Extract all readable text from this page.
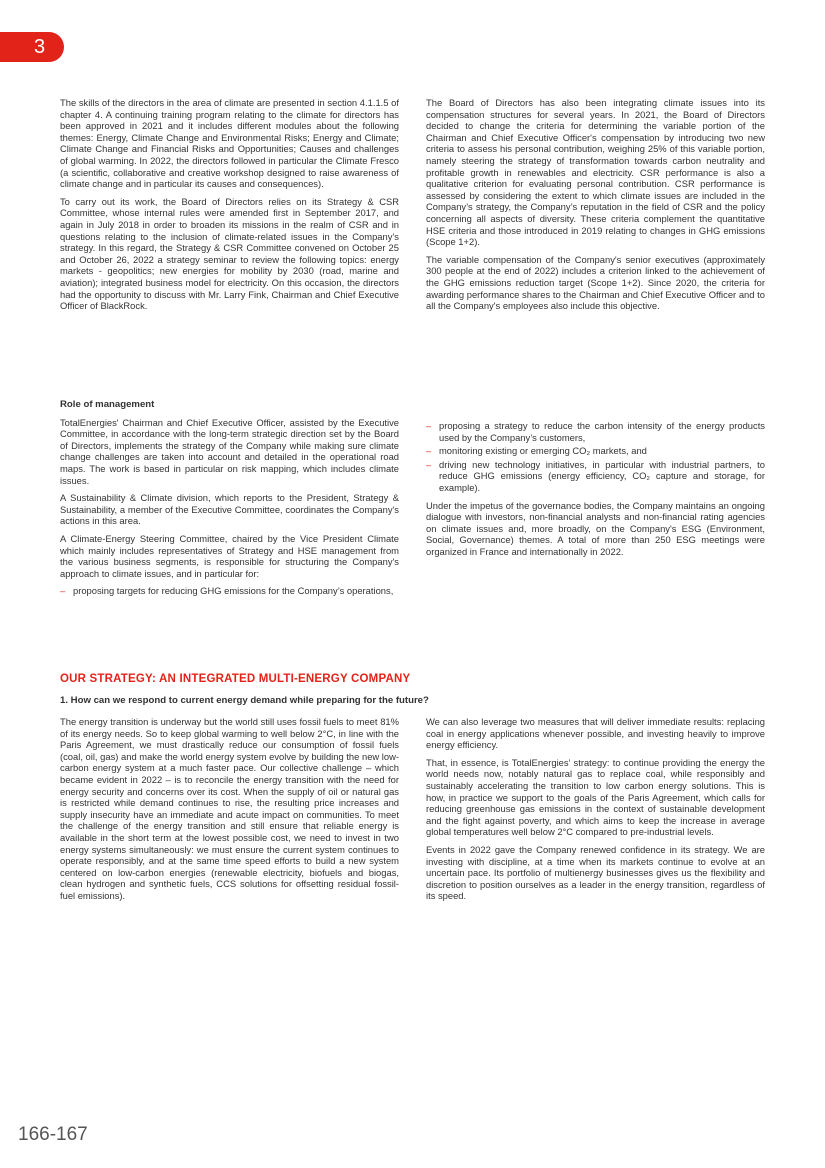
3

The skills of the directors in the area of climate are presented in section 4.1.1.5 of chapter 4. A continuing training program relating to the climate for directors has been approved in 2021 and it includes different modules about the following themes: Energy, Climate Change and Environmental Risks; Energy and Climate; Climate Change and Financial Risks and Opportunities; Causes and challenges of global warming. In 2022, the directors followed in particular the Climate Fresco (a scientific, collaborative and creative workshop designed to raise awareness of climate change and in particular its causes and consequences).

To carry out its work, the Board of Directors relies on its Strategy & CSR Committee, whose internal rules were amended first in September 2017, and again in July 2018 in order to broaden its missions in the realm of CSR and in questions relating to the inclusion of climate-related issues in the Company’s strategy. In this regard, the Strategy & CSR Committee convened on October 25 and October 26, 2022 a strategy seminar to review the following topics: energy markets - geopolitics; new energies for mobility by 2030 (road, marine and aviation); integrated business model for electricity. On this occasion, the directors had the opportunity to discuss with Mr. Larry Fink, Chairman and Chief Executive Officer of BlackRock.

The Board of Directors has also been integrating climate issues into its compensation structures for several years. In 2021, the Board of Directors decided to change the criteria for determining the variable portion of the Chairman and Chief Executive Officer's compensation by introducing two new criteria to assess his personal contribution, weighing 25% of this variable portion, namely steering the strategy of transformation towards carbon neutrality and profitable growth in renewables and electricity. CSR performance is also a qualitative criterion for evaluating personal contribution. CSR performance is assessed by considering the extent to which climate issues are included in the Company’s strategy, the Company’s reputation in the field of CSR and the policy concerning all aspects of diversity. These criteria complement the quantitative HSE criteria and those introduced in 2019 relating to changes in GHG emissions (Scope 1+2).

The variable compensation of the Company's senior executives (approximately 300 people at the end of 2022) includes a criterion linked to the achievement of the GHG emissions reduction target (Scope 1+2). Since 2020, the criteria for awarding performance shares to the Chairman and Chief Executive Officer and to all the Company's employees also include this objective.

Role of management

TotalEnergies' Chairman and Chief Executive Officer, assisted by the Executive Committee, in accordance with the long-term strategic direction set by the Board of Directors, implements the strategy of the Company while making sure climate change challenges are taken into account and detailed in the operational road maps. The work is based in particular on risk mapping, which includes climate issues.

A Sustainability & Climate division, which reports to the President, Strategy & Sustainability, a member of the Executive Committee, coordinates the Company's actions in this area.

A Climate-Energy Steering Committee, chaired by the Vice President Climate which mainly includes representatives of Strategy and HSE management from the various business segments, is responsible for structuring the Company's approach to climate issues, and in particular for:

– proposing targets for reducing GHG emissions for the Company’s operations,
– proposing a strategy to reduce the carbon intensity of the energy products used by the Company’s customers,
– monitoring existing or emerging CO₂ markets, and
– driving new technology initiatives, in particular with industrial partners, to reduce GHG emissions (energy efficiency, CO₂ capture and storage, for example).

Under the impetus of the governance bodies, the Company maintains an ongoing dialogue with investors, non-financial analysts and non-financial rating agencies on climate issues and, more broadly, on the Company's ESG (Environment, Social, Governance) themes. A total of more than 250 ESG meetings were organized in France and internationally in 2022.

OUR STRATEGY: AN INTEGRATED MULTI-ENERGY COMPANY
1. How can we respond to current energy demand while preparing for the future?

The energy transition is underway but the world still uses fossil fuels to meet 81% of its energy needs. So to keep global warming to well below 2°C, in line with the Paris Agreement, we must drastically reduce our consumption of fossil fuels (coal, oil, gas) and make the world energy system evolve by building the new low-carbon energy system at a much faster pace. Our collective challenge – which became evident in 2022 – is to reconcile the energy transition with the need for energy security and concerns over its cost. When the supply of oil or natural gas is restricted while demand continues to rise, the resulting price increases and supply insecurity have an immediate and acute impact on communities. To meet the challenge of the energy transition and still ensure that reliable energy is available in the short term at the lowest possible cost, we need to invest in two energy systems simultaneously: we must ensure the current system continues to operate responsibly, and at the same time speed efforts to build a new system centered on low-carbon energies (renewable electricity, biofuels and biogas, clean hydrogen and synthetic fuels, CCS solutions for offsetting residual fossil-fuel emissions).

We can also leverage two measures that will deliver immediate results: replacing coal in energy applications whenever possible, and investing heavily to improve energy efficiency.

That, in essence, is TotalEnergies’ strategy: to continue providing the energy the world needs now, notably natural gas to replace coal, while responsibly and sustainably accelerating the transition to low carbon energy solutions. This is how, in practice we support to the goals of the Paris Agreement, which calls for reducing greenhouse gas emissions in the context of sustainable development and the fight against poverty, and which aims to keep the increase in average global temperatures well below 2°C compared to pre-industrial levels.

Events in 2022 gave the Company renewed confidence in its strategy. We are investing with discipline, at a time when its markets continue to evolve at an uncertain pace. Its portfolio of multienergy businesses gives us the flexibility and discretion to position ourselves as a leader in the energy transition, regardless of its speed.

166-167
